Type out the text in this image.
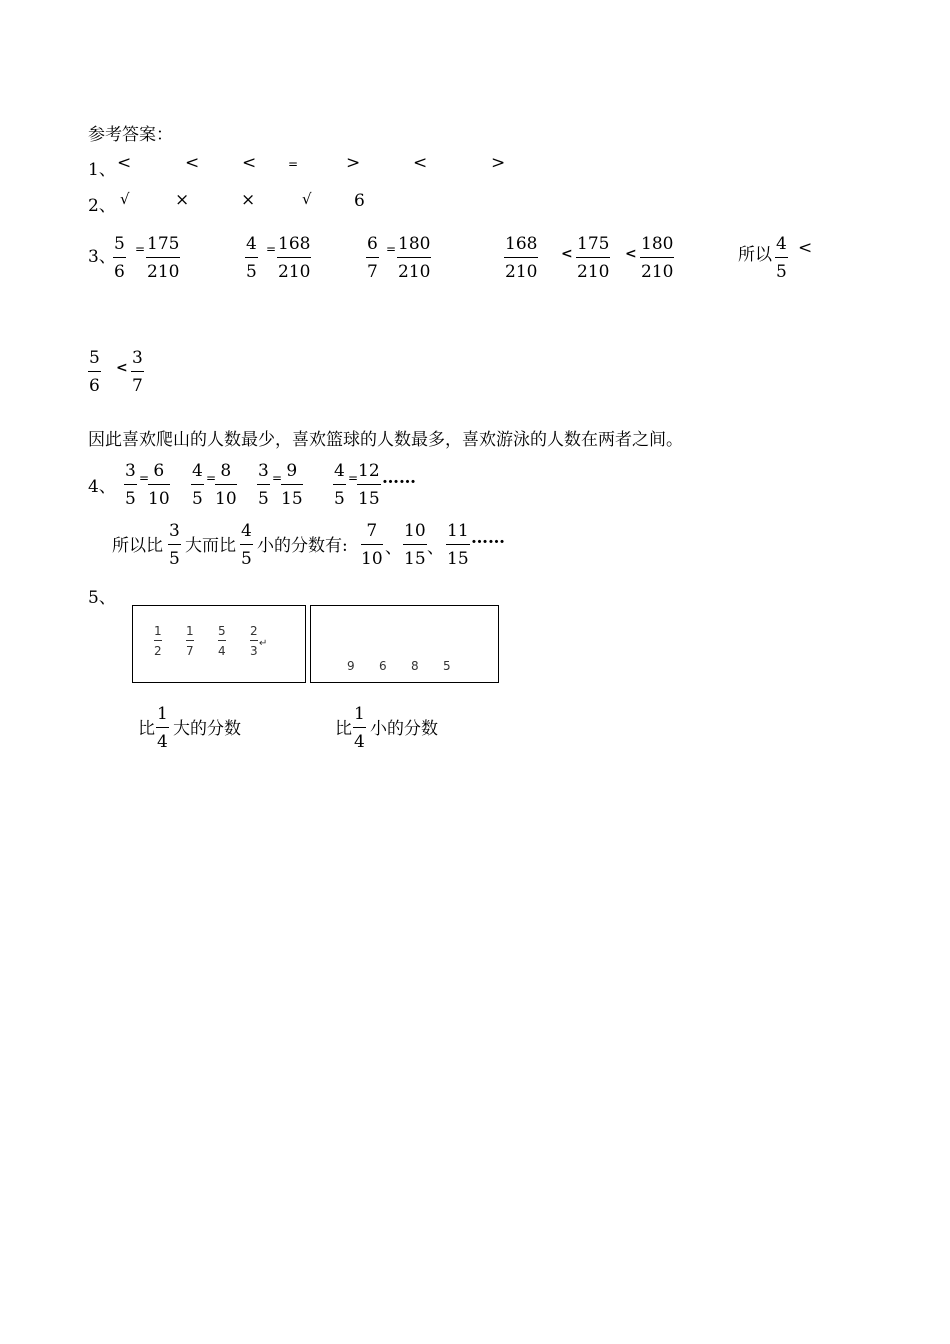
参考答案：
1、 <	<	<	=	>	<	>
2、 √	×	×	√ 6
3、
$\frac{5}{6} = \frac{175}{210}$	$\frac{4}{5} = \frac{168}{210}$	$\frac{6}{7} = \frac{180}{210}$	$\frac{168}{210} < \frac{175}{210} < \frac{180}{210}$	所以 $\frac{4}{5}$ <
$\frac{5}{6} < \frac{3}{7}$
因此喜欢爬山的人数最少，喜欢篮球的人数最多，喜欢游泳的人数在两者之间。
4、 $\frac{3}{5}$ =
$\frac{6}{10} \frac{4}{5}$ =
$\frac{8}{10} \frac{3}{5}$ =
$\frac{9}{15} \frac{4}{5}$ =
$\frac{12}{15}$ ……
所以比 $\frac{3}{5}$ 大而比 $\frac{4}{5}$ 小的分数有: $\frac{7}{10}$ 、 $\frac{10}{15}$ 、 $\frac{11}{15}$ ……
5、
1
2
1
7
5
4
2
3
↵
9 6 8 5
比 $\frac{1}{4}$ 大的分数	比 $\frac{1}{4}$ 小的分数
